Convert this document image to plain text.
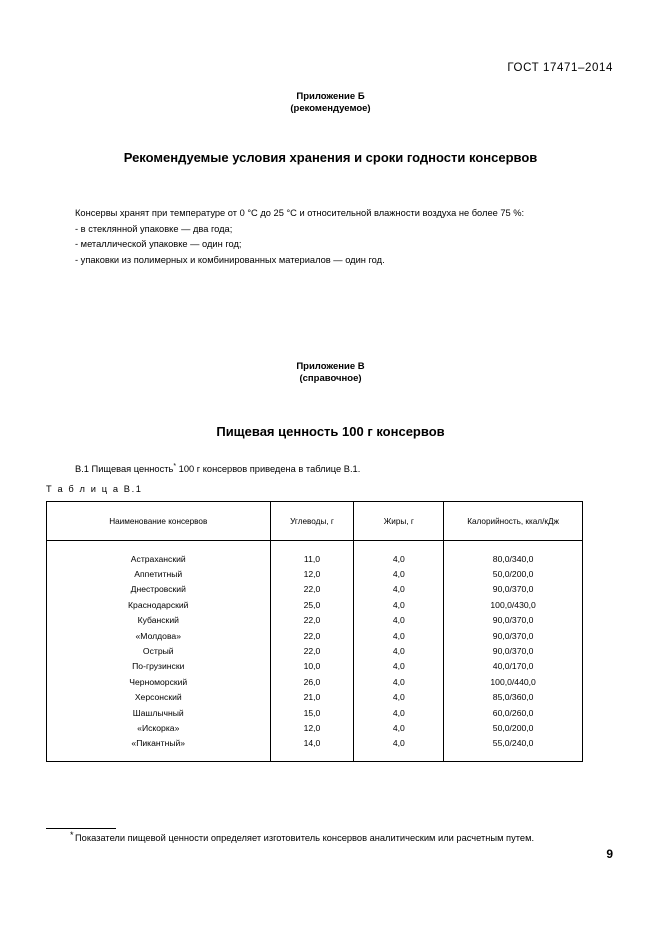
ГОСТ 17471–2014
Приложение Б
(рекомендуемое)
Рекомендуемые условия хранения и сроки годности консервов
Консервы хранят при температуре от 0 °С до 25 °С и относительной влажности воздуха не более 75 %:
- в стеклянной упаковке — два года;
- металлической упаковке — один год;
- упаковки из полимерных и комбинированных материалов — один год.
Приложение В
(справочное)
Пищевая ценность 100 г консервов
В.1 Пищевая ценность* 100 г консервов приведена в таблице В.1.
Т а б л и ц а В.1
Наименование консервов	Углеводы, г	Жиры, г	Калорийность, ккал/кДж
Астраханский	11,0	4,0	80,0/340,0
Аппетитный	12,0	4,0	50,0/200,0
Днестровский	22,0	4,0	90,0/370,0
Краснодарский	25,0	4,0	100,0/430,0
Кубанский	22,0	4,0	90,0/370,0
«Молдова»	22,0	4,0	90,0/370,0
Острый	22,0	4,0	90,0/370,0
По-грузински	10,0	4,0	40,0/170,0
Черноморский	26,0	4,0	100,0/440,0
Херсонский	21,0	4,0	85,0/360,0
Шашлычный	15,0	4,0	60,0/260,0
«Искорка»	12,0	4,0	50,0/200,0
«Пикантный»	14,0	4,0	55,0/240,0
* Показатели пищевой ценности определяет изготовитель консервов аналитическим или расчетным путем.
9
